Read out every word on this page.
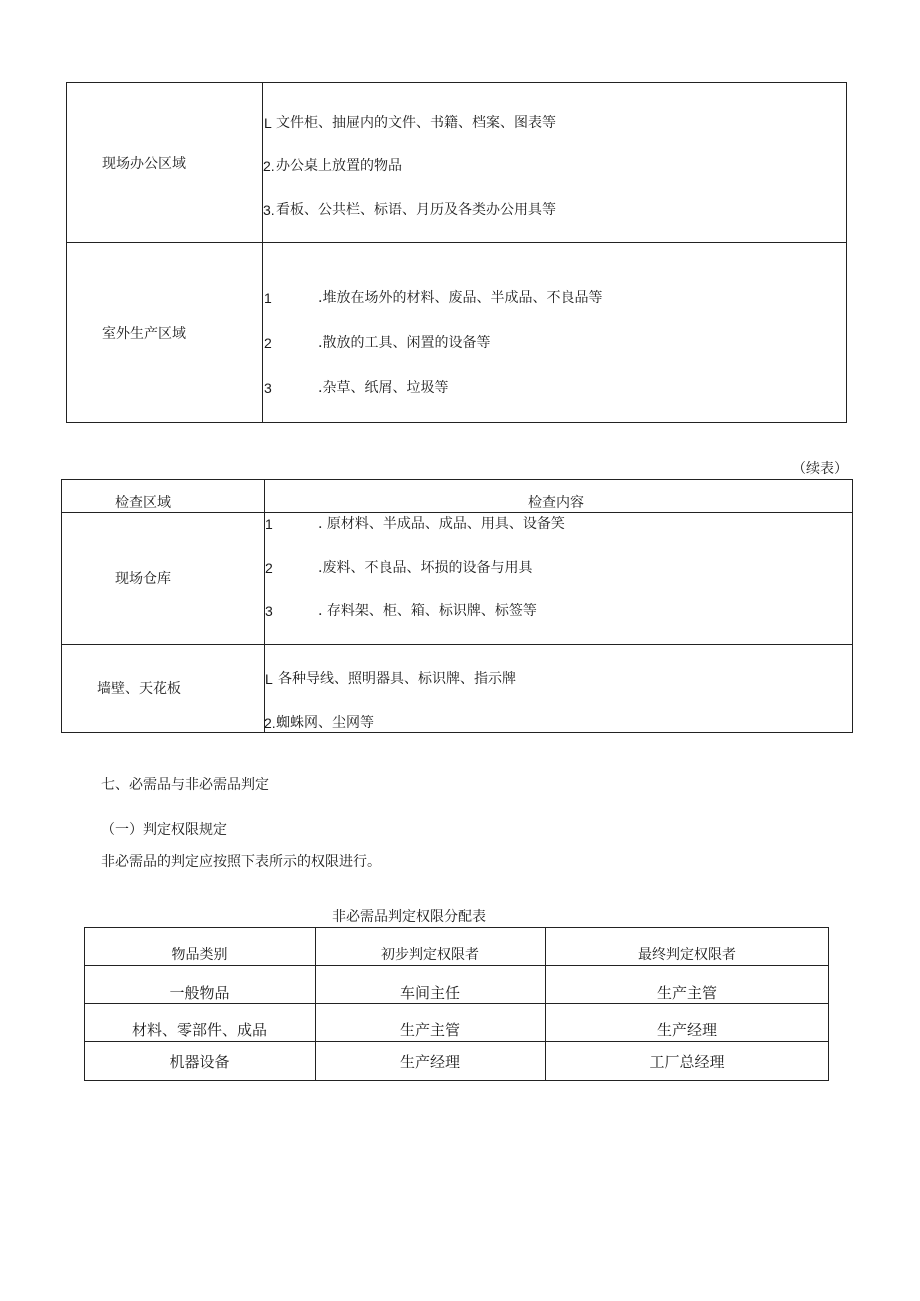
现场办公区域
L 文件柜、抽屉内的文件、书籍、档案、图表等
2. 办公桌上放置的物品
3. 看板、公共栏、标语、月历及各类办公用具等
室外生产区域
1	.堆放在场外的材料、废品、半成品、不良品等
2	.散放的工具、闲置的设备等
3	.杂草、纸屑、垃圾等
（续表）
检查区域	检查内容
现场仓库
1	. 原材料、半成品、成品、用具、设备笑
2	.废料、不良品、坏损的设备与用具
3	. 存料架、柜、箱、标识牌、标签等
墙壁、天花板
L 各种导线、照明器具、标识牌、指示牌
2. 蜘蛛网、尘网等
七、必需品与非必需品判定
（一）判定权限规定
非必需品的判定应按照下表所示的权限进行。
非必需品判定权限分配表
物品类别	初步判定权限者	最终判定权限者
一般物品	车间主任	生产主管
材料、零部件、成品	生产主管	生产经理
机器设备	生产经理	工厂总经理
